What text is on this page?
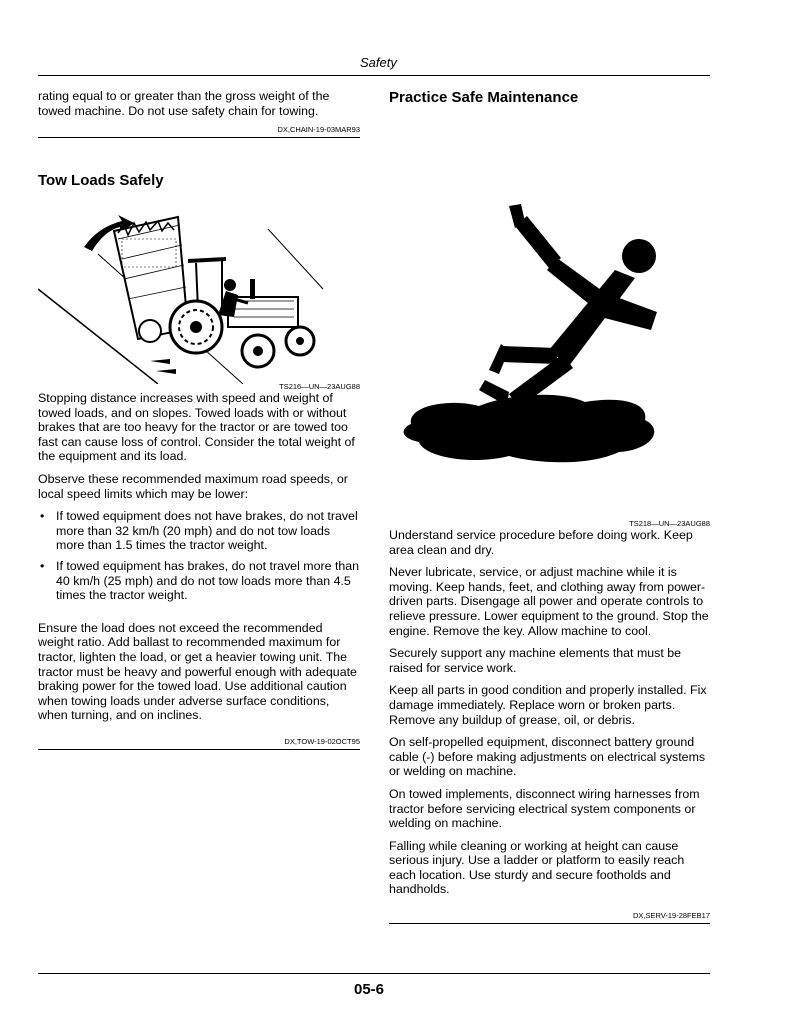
Safety

rating equal to or greater than the gross weight of the towed machine. Do not use safety chain for towing.

DX,CHAIN-19-03MAR93
Tow Loads Safely
TS216—UN—23AUG88

Stopping distance increases with speed and weight of towed loads, and on slopes. Towed loads with or without brakes that are too heavy for the tractor or are towed too fast can cause loss of control. Consider the total weight of the equipment and its load.

Observe these recommended maximum road speeds, or local speed limits which may be lower:

• If towed equipment does not have brakes, do not travel more than 32 km/h (20 mph) and do not tow loads more than 1.5 times the tractor weight.
• If towed equipment has brakes, do not travel more than 40 km/h (25 mph) and do not tow loads more than 4.5 times the tractor weight.

Ensure the load does not exceed the recommended weight ratio. Add ballast to recommended maximum for tractor, lighten the load, or get a heavier towing unit. The tractor must be heavy and powerful enough with adequate braking power for the towed load. Use additional caution when towing loads under adverse surface conditions, when turning, and on inclines.

DX,TOW-19-02OCT95
Practice Safe Maintenance
TS218—UN—23AUG88

Understand service procedure before doing work. Keep area clean and dry.

Never lubricate, service, or adjust machine while it is moving. Keep hands, feet, and clothing away from power-driven parts. Disengage all power and operate controls to relieve pressure. Lower equipment to the ground. Stop the engine. Remove the key. Allow machine to cool.

Securely support any machine elements that must be raised for service work.

Keep all parts in good condition and properly installed. Fix damage immediately. Replace worn or broken parts. Remove any buildup of grease, oil, or debris.

On self-propelled equipment, disconnect battery ground cable (-) before making adjustments on electrical systems or welding on machine.

On towed implements, disconnect wiring harnesses from tractor before servicing electrical system components or welding on machine.

Falling while cleaning or working at height can cause serious injury. Use a ladder or platform to easily reach each location. Use sturdy and secure footholds and handholds.

DX,SERV-19-28FEB17
05-6
